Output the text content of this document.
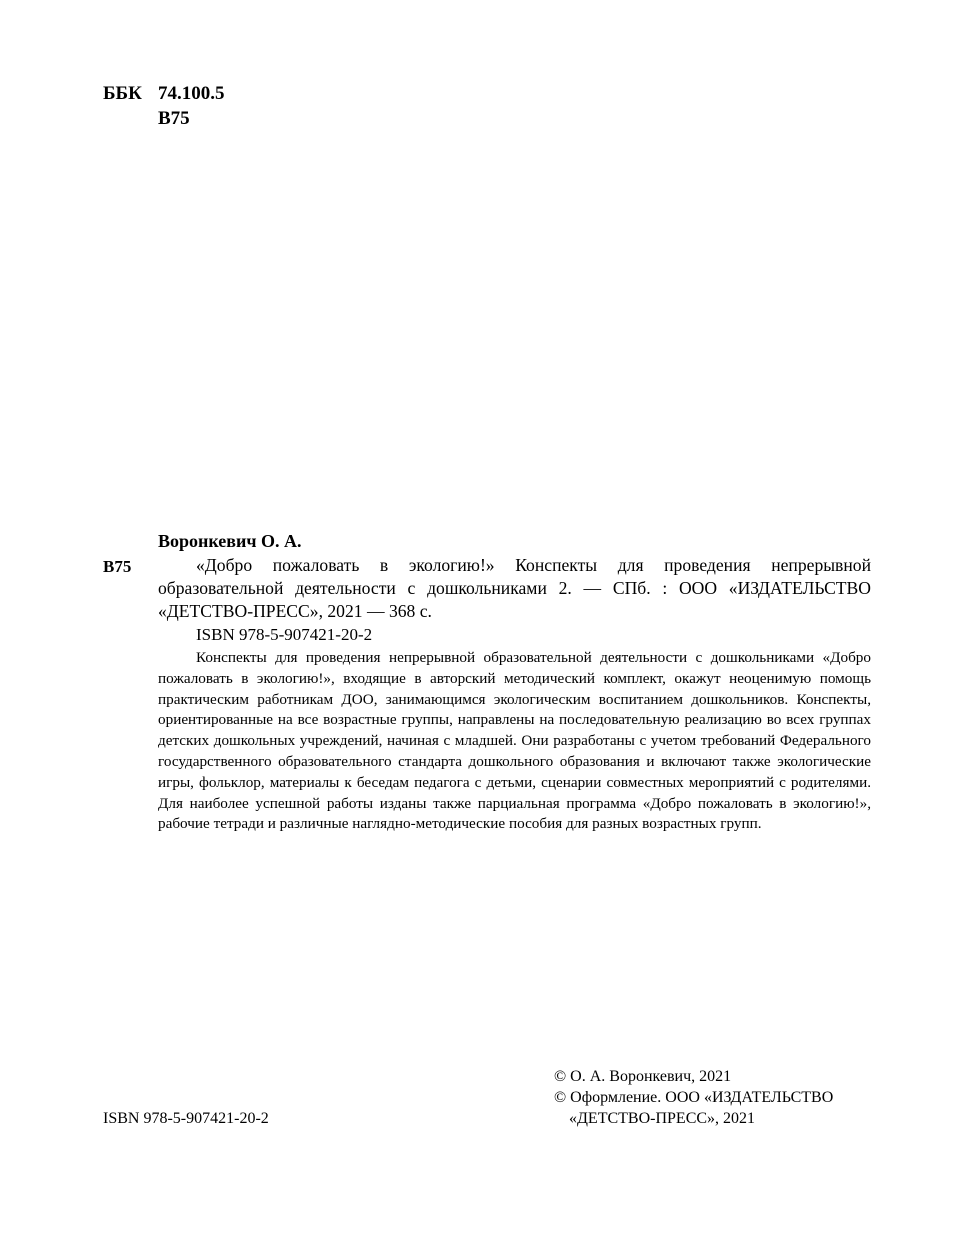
ББК 74.100.5
В75
Воронкевич О. А.
В75	«Добро пожаловать в экологию!» Конспекты для проведения непрерывной образовательной деятельности с дошкольниками 2. — СПб. : ООО «ИЗДАТЕЛЬСТВО «ДЕТСТВО-ПРЕСС», 2021 — 368 с.

ISBN 978-5-907421-20-2

Конспекты для проведения непрерывной образовательной деятельности с дошкольниками «Добро пожаловать в экологию!», входящие в авторский методический комплект, окажут неоценимую помощь практическим работникам ДОО, занимающимся экологическим воспитанием дошкольников. Конспекты, ориентированные на все возрастные группы, направлены на последовательную реализацию во всех группах детских дошкольных учреждений, начиная с младшей. Они разработаны с учетом требований Федерального государственного образовательного стандарта дошкольного образования и включают также экологические игры, фольклор, материалы к беседам педагога с детьми, сценарии совместных мероприятий с родителями. Для наиболее успешной работы изданы также парциальная программа «Добро пожаловать в экологию!», рабочие тетради и различные наглядно-методические пособия для разных возрастных групп.

© О. А. Воронкевич, 2021
© Оформление. ООО «ИЗДАТЕЛЬСТВО
«ДЕТСТВО-ПРЕСС», 2021
ISBN 978-5-907421-20-2
